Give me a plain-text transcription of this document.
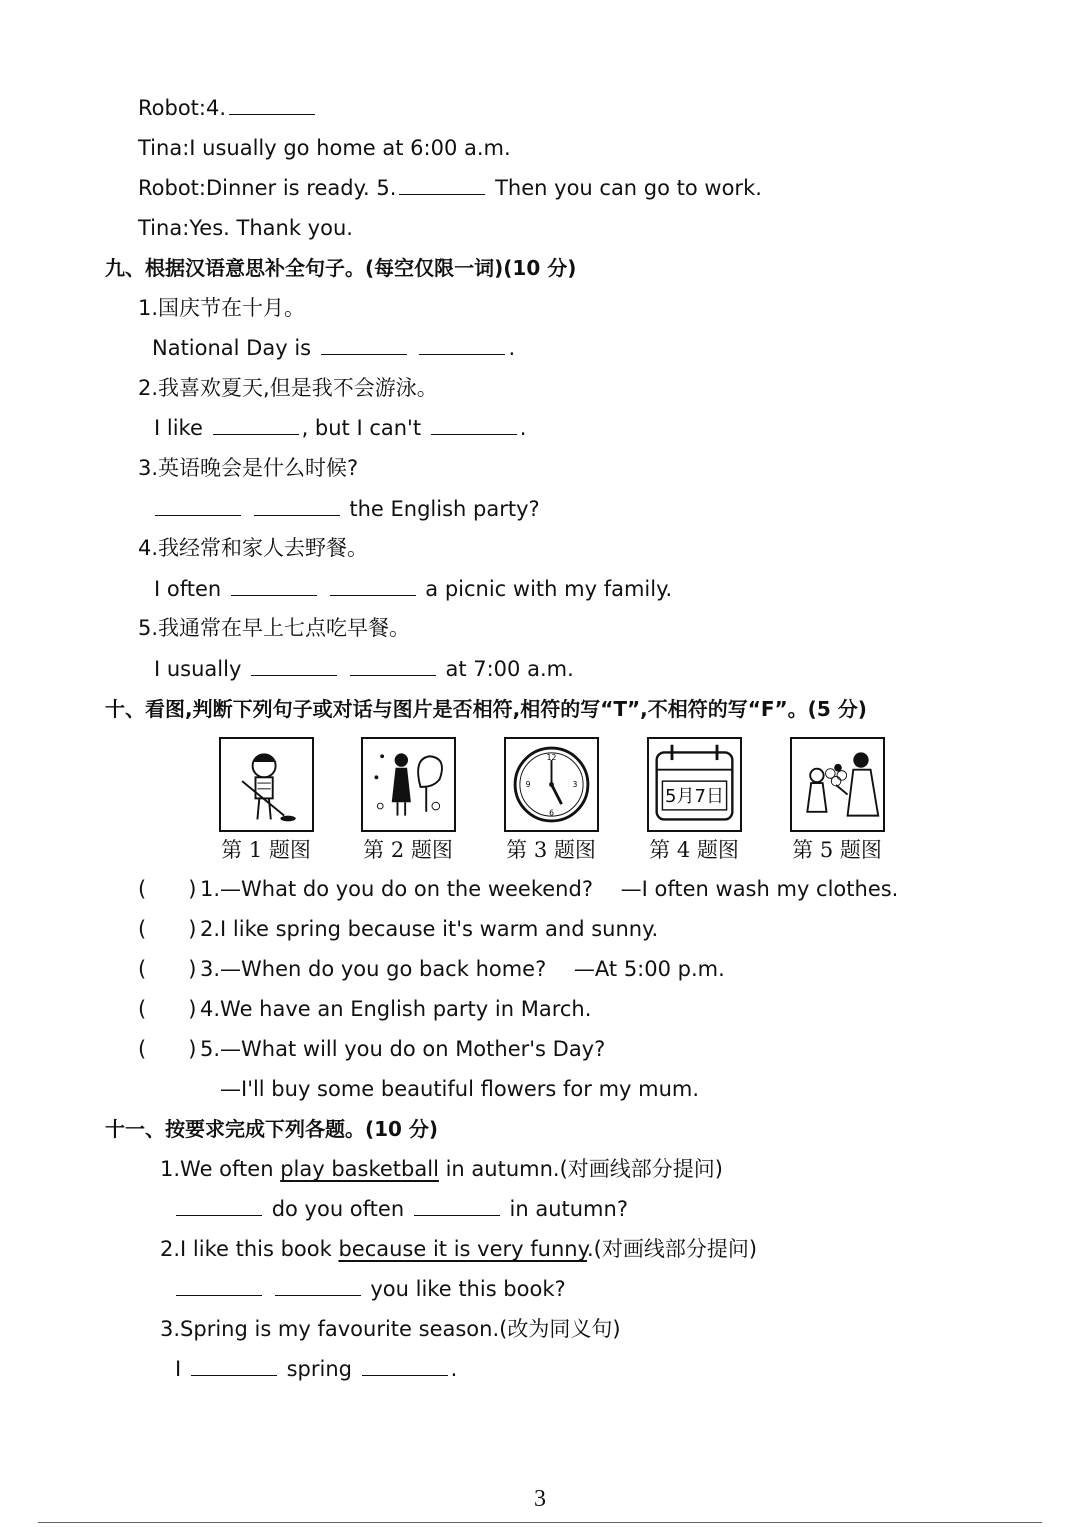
Robot:4.
Tina:I usually go home at 6:00 a.m.
Robot:Dinner is ready. 5.	Then you can go to work.
Tina:Yes. Thank you.
九、根据汉语意思补全句子。(每空仅限一词)(10 分)
1.国庆节在十月。
National Day is	.
2.我喜欢夏天,但是我不会游泳。
I like	, but I can't	.
3.英语晚会是什么时候?
the English party?
4.我经常和家人去野餐。
I often	a picnic with my family.
5.我通常在早上七点吃早餐。
I usually	at 7:00 a.m.
十、看图,判断下列句子或对话与图片是否相符,相符的写“T”,不相符的写“F”。(5 分)
12
3
6
9
5月7日
第 1 题图	第 2 题图	第 3 题图	第 4 题图	第 5 题图
(　　) 1.—What do you do on the weekend?　 —I often wash my clothes.
(　　) 2.I like spring because it's warm and sunny.
(　　) 3.—When do you go back home?　 —At 5:00 p.m.
(　　) 4.We have an English party in March.
(　　) 5.—What will you do on Mother's Day?
—I'll buy some beautiful flowers for my mum.
十一、按要求完成下列各题。(10 分)
1.We often play basketball in autumn.(对画线部分提问)
do you often	in autumn?
2.I like this book because it is very funny.(对画线部分提问)
you like this book?
3.Spring is my favourite season.(改为同义句)
I	spring	.
3
